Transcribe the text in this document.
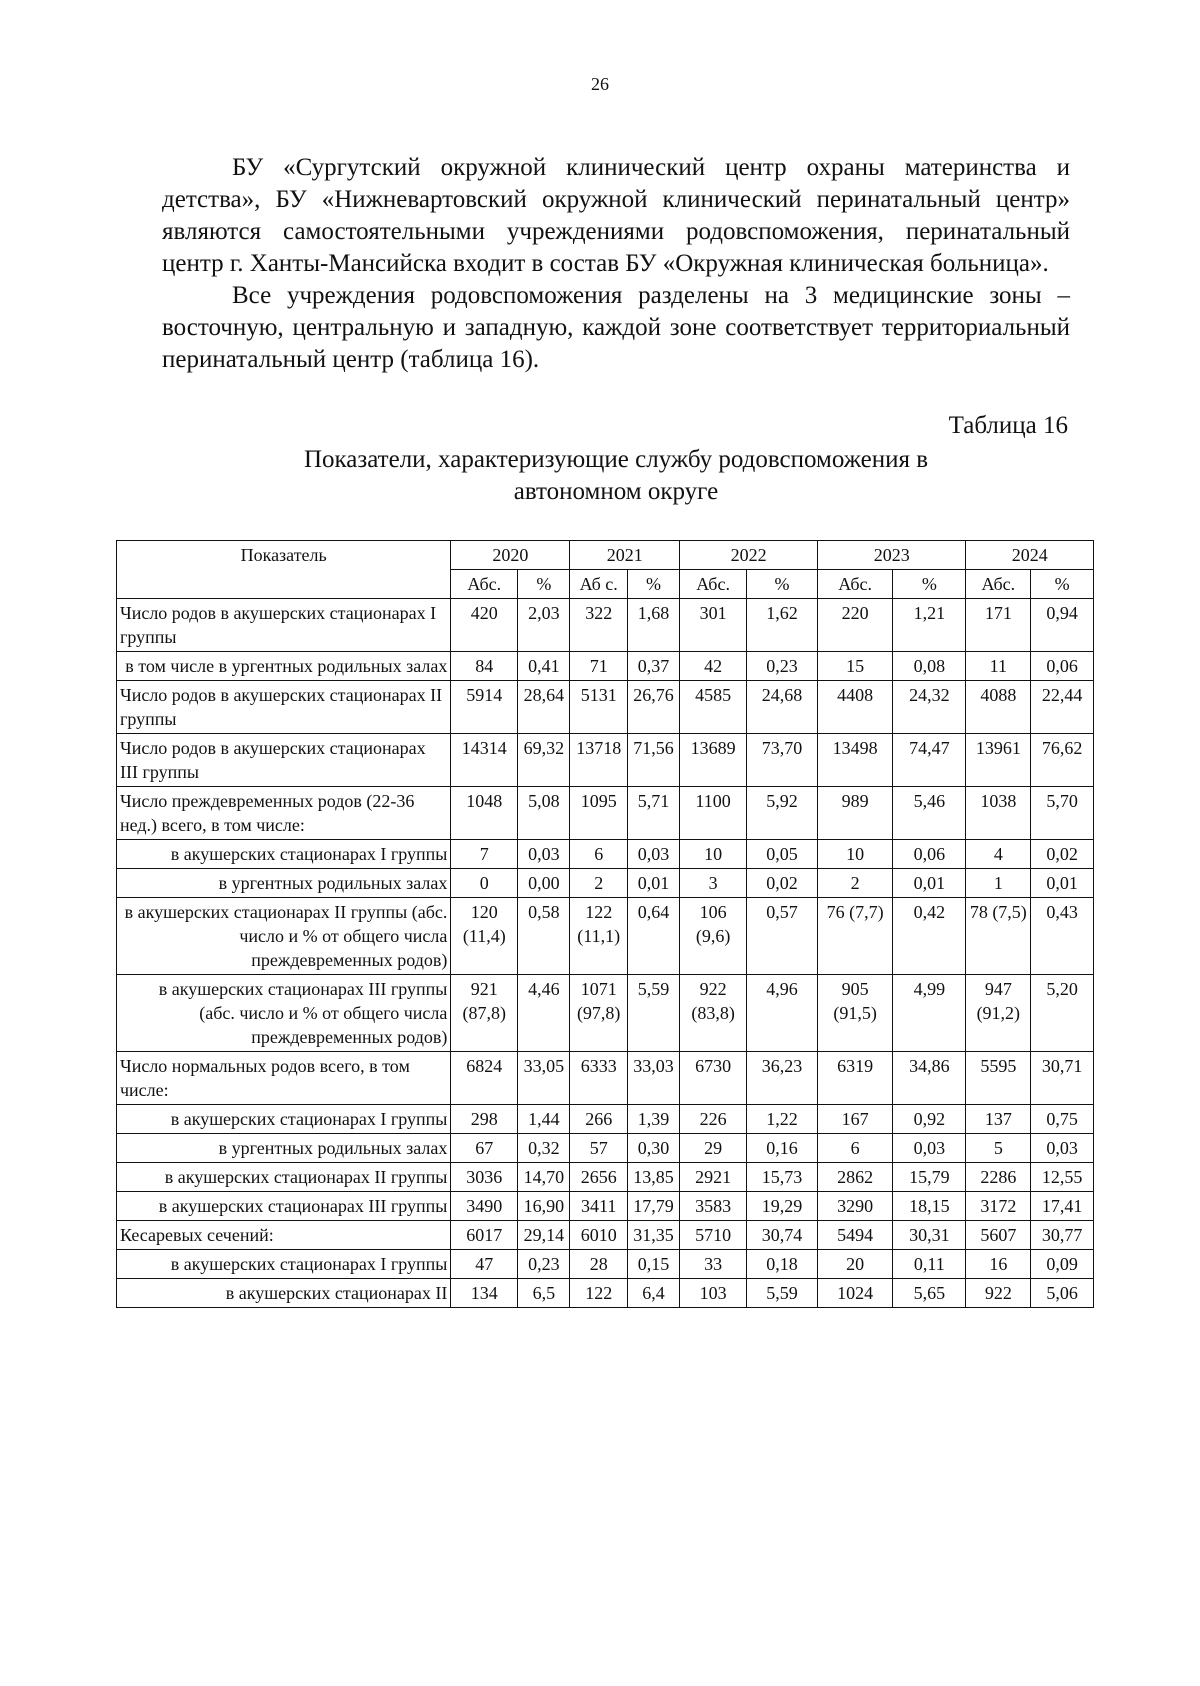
26

БУ «Сургутский окружной клинический центр охраны материнства и детства», БУ «Нижневартовский окружной клинический перинатальный центр» являются самостоятельными учреждениями родовспоможения, перинатальный центр г. Ханты-Мансийска входит в состав БУ «Окружная клиническая больница».

Все учреждения родовспоможения разделены на 3 медицинские зоны – восточную, центральную и западную, каждой зоне соответствует территориальный перинатальный центр (таблица 16).

Таблица 16
Показатели, характеризующие службу родовспоможения в
автономном округе
Показатель	2020		2021		2022		2023		2024	
	Абс.	%	Аб с.	%	Абс.	%	Абс.	%	Абс.	%
Число родов в акушерских стационарах I группы	420	2,03	322	1,68	301	1,62	220	1,21	171	0,94
в том числе в ургентных родильных залах	84	0,41	71	0,37	42	0,23	15	0,08	11	0,06
Число родов в акушерских стационарах II группы	5914	28,64	5131	26,76	4585	24,68	4408	24,32	4088	22,44
Число родов в акушерских стационарах III группы	14314	69,32	13718	71,56	13689	73,70	13498	74,47	13961	76,62
Число преждевременных родов (22-36 нед.) всего, в том числе:	1048	5,08	1095	5,71	1100	5,92	989	5,46	1038	5,70
в акушерских стационарах I группы	7	0,03	6	0,03	10	0,05	10	0,06	4	0,02
в ургентных родильных залах	0	0,00	2	0,01	3	0,02	2	0,01	1	0,01
в акушерских стационарах II группы (абс. число и % от общего числа преждевременных родов)	120 (11,4)	0,58	122 (11,1)	0,64	106 (9,6)	0,57	76 (7,7)	0,42	78 (7,5)	0,43
в акушерских стационарах III группы (абс. число и % от общего числа преждевременных родов)	921 (87,8)	4,46	1071 (97,8)	5,59	922 (83,8)	4,96	905 (91,5)	4,99	947 (91,2)	5,20
Число нормальных родов всего, в том числе:	6824	33,05	6333	33,03	6730	36,23	6319	34,86	5595	30,71
в акушерских стационарах I группы	298	1,44	266	1,39	226	1,22	167	0,92	137	0,75
в ургентных родильных залах	67	0,32	57	0,30	29	0,16	6	0,03	5	0,03
в акушерских стационарах II группы	3036	14,70	2656	13,85	2921	15,73	2862	15,79	2286	12,55
в акушерских стационарах III группы	3490	16,90	3411	17,79	3583	19,29	3290	18,15	3172	17,41
Кесаревых сечений:	6017	29,14	6010	31,35	5710	30,74	5494	30,31	5607	30,77
в акушерских стационарах I группы	47	0,23	28	0,15	33	0,18	20	0,11	16	0,09
в акушерских стационарах II	134	6,5	122	6,4	103	5,59	1024	5,65	922	5,06
